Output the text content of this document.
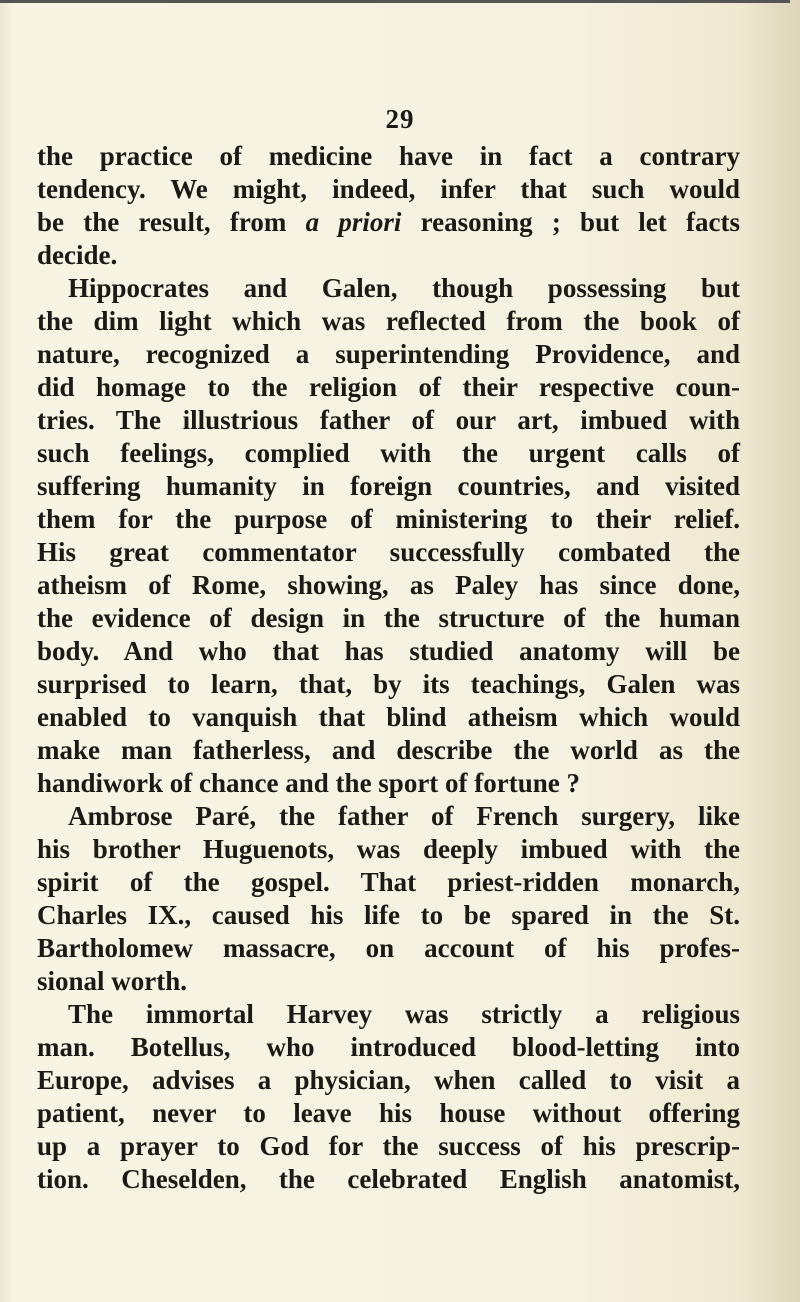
29
the practice of medicine have in fact a contrary
tendency. We might, indeed, infer that such would
be the result, from a priori reasoning ; but let facts
decide.
Hippocrates and Galen, though possessing but
the dim light which was reflected from the book of
nature, recognized a superintending Providence, and
did homage to the religion of their respective coun-
tries. The illustrious father of our art, imbued with
such feelings, complied with the urgent calls of
suffering humanity in foreign countries, and visited
them for the purpose of ministering to their relief.
His great commentator successfully combated the
atheism of Rome, showing, as Paley has since done,
the evidence of design in the structure of the human
body. And who that has studied anatomy will be
surprised to learn, that, by its teachings, Galen was
enabled to vanquish that blind atheism which would
make man fatherless, and describe the world as the
handiwork of chance and the sport of fortune ?
Ambrose Paré, the father of French surgery, like
his brother Huguenots, was deeply imbued with the
spirit of the gospel. That priest-ridden monarch,
Charles IX., caused his life to be spared in the St.
Bartholomew massacre, on account of his profes-
sional worth.
The immortal Harvey was strictly a religious
man. Botellus, who introduced blood-letting into
Europe, advises a physician, when called to visit a
patient, never to leave his house without offering
up a prayer to God for the success of his prescrip-
tion. Cheselden, the celebrated English anatomist,
